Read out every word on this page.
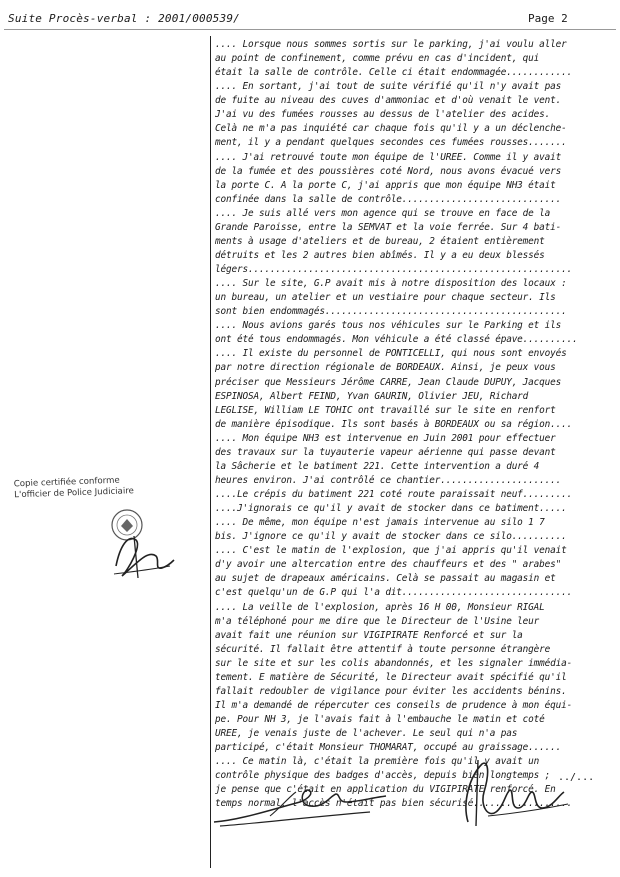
Suite Procès-verbal : 2001/000539/	Page 2
.... Lorsque nous sommes sortis sur le parking, j'ai voulu aller
au point de confinement, comme prévu en cas d'incident, qui
était la salle de contrôle. Celle ci était endommagée............
.... En sortant, j'ai tout de suite vérifié qu'il n'y avait pas
de fuite au niveau des cuves d'ammoniac et d'où venait le vent.
J'ai vu des fumées rousses au dessus de l'atelier des acides.
Celà ne m'a pas inquiété car chaque fois qu'il y a un déclenche-
ment, il y a pendant quelques secondes ces fumées rousses.......
.... J'ai retrouvé toute mon équipe de l'UREE. Comme il y avait
de la fumée et des poussières coté Nord, nous avons évacué vers
la porte C. A la porte C, j'ai appris que mon équipe NH3 était
confinée dans la salle de contrôle.............................
.... Je suis allé vers mon agence qui se trouve en face de la
Grande Paroisse, entre la SEMVAT et la voie ferrée. Sur 4 bati-
ments à usage d'ateliers et de bureau, 2 étaient entièrement
détruits et les 2 autres bien abîmés. Il y a eu deux blessés
légers...........................................................
.... Sur le site, G.P avait mis à notre disposition des locaux :
un bureau, un atelier et un vestiaire pour chaque secteur. Ils
sont bien endommagés............................................
.... Nous avions garés tous nos véhicules sur le Parking et ils
ont été tous endommagés. Mon véhicule a été classé épave..........
.... Il existe du personnel de PONTICELLI, qui nous sont envoyés
par notre direction régionale de BORDEAUX. Ainsi, je peux vous
préciser que Messieurs Jérôme CARRE, Jean Claude DUPUY, Jacques
ESPINOSA, Albert FEIND, Yvan GAURIN, Olivier JEU, Richard
LEGLISE, William LE TOHIC ont travaillé sur le site en renfort
de manière épisodique. Ils sont basés à BORDEAUX ou sa région....
.... Mon équipe NH3 est intervenue en Juin 2001 pour effectuer
des travaux sur la tuyauterie vapeur aérienne qui passe devant
la Sâcherie et le batiment 221. Cette intervention a duré 4
heures environ. J'ai contrôlé ce chantier......................
....Le crépis du batiment 221 coté route paraissait neuf.........
....J'ignorais ce qu'il y avait de stocker dans ce batiment.....
.... De même, mon équipe n'est jamais intervenue au silo 1 7
bis. J'ignore ce qu'il y avait de stocker dans ce silo..........
.... C'est le matin de l'explosion, que j'ai appris qu'il venait
d'y avoir une altercation entre des chauffeurs et des " arabes"
au sujet de drapeaux américains. Celà se passait au magasin et
c'est quelqu'un de G.P qui l'a dit...............................
.... La veille de l'explosion, après 16 H 00, Monsieur RIGAL
m'a téléphoné pour me dire que le Directeur de l'Usine leur
avait fait une réunion sur VIGIPIRATE Renforcé et sur la
sécurité. Il fallait être attentif à toute personne étrangère
sur le site et sur les colis abandonnés, et les signaler immédia-
tement. E matière de Sécurité, le Directeur avait spécifié qu'il
fallait redoubler de vigilance pour éviter les accidents bénins.
Il m'a demandé de répercuter ces conseils de prudence à mon équi-
pe. Pour NH 3, je l'avais fait à l'embauche le matin et coté
UREE, je venais juste de l'achever. Le seul qui n'a pas
participé, c'était Monsieur THOMARAT, occupé au graissage......
.... Ce matin là, c'était la première fois qu'il y avait un
contrôle physique des badges d'accès, depuis bien longtemps ;
je pense que c'était en application du VIGIPIRATE renforcé. En
temps normal, l'accès n'était pas bien sécurisé..................
Copie certifiée conforme
L'officier de Police Judiciaire
../...
